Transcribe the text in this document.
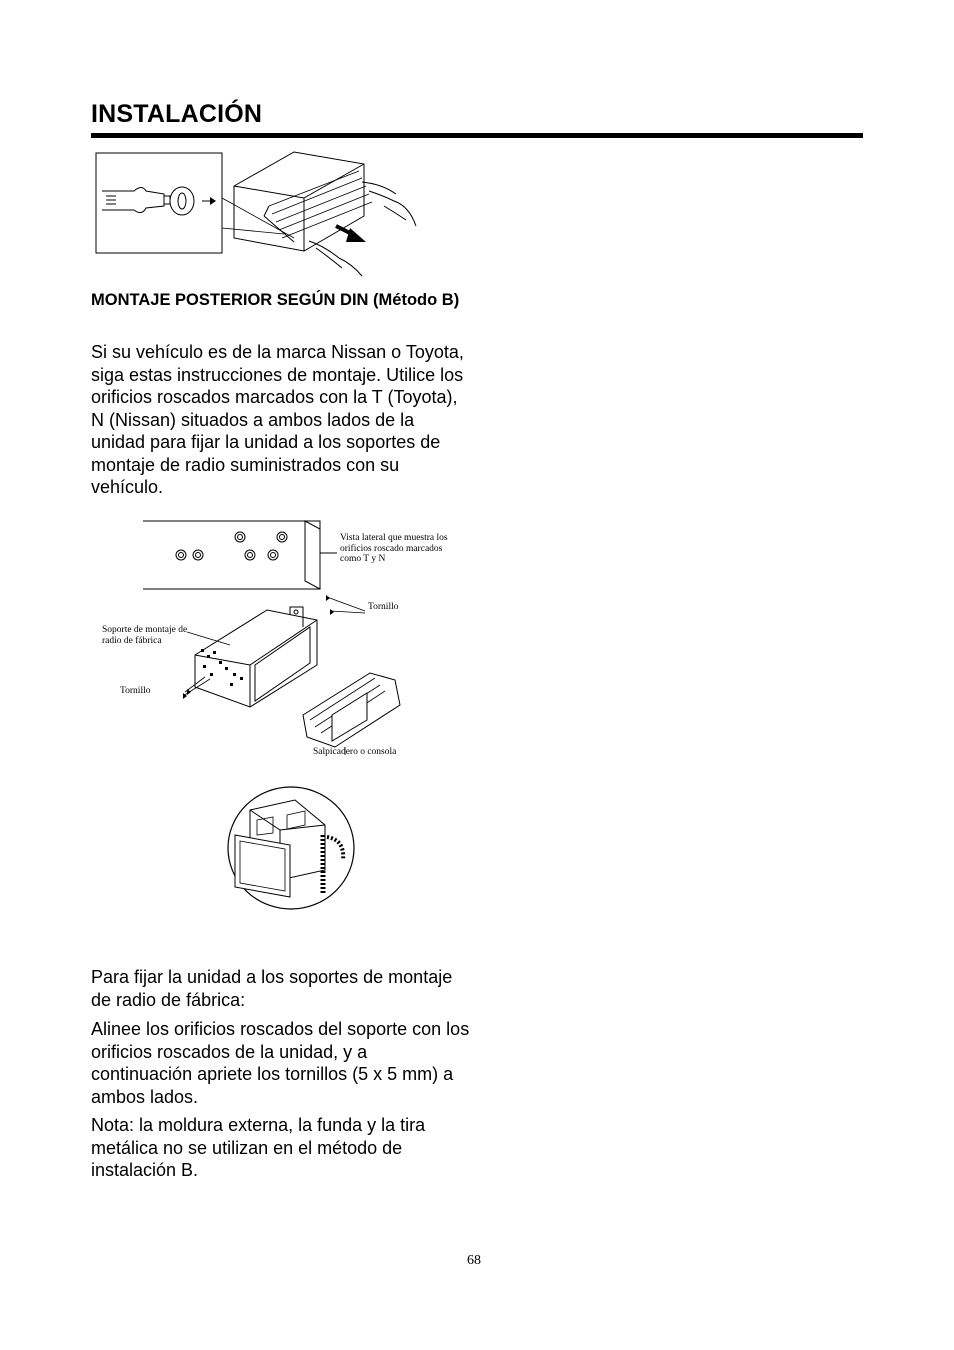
INSTALACIÓN
MONTAJE POSTERIOR SEGÚN DIN (Método B)

Si su vehículo es de la marca Nissan o Toyota, siga estas instrucciones de montaje. Utilice los orificios roscados marcados con la T (Toyota), N (Nissan) situados a ambos lados de la unidad para fijar la unidad a los soportes de montaje de radio suministrados con su vehículo.

Vista lateral que muestra los orificios roscado marcados como T y N
Tornillo
Soporte de montaje de radio de fábrica
Tornillo
Salpicadero o consola

Para fijar la unidad a los soportes de montaje de radio de fábrica:

Alinee los orificios roscados del soporte con los orificios roscados de la unidad, y a continuación apriete los tornillos (5 x 5 mm) a ambos lados.

Nota: la moldura externa, la funda y la tira metálica no se utilizan en el método de instalación B.

68
